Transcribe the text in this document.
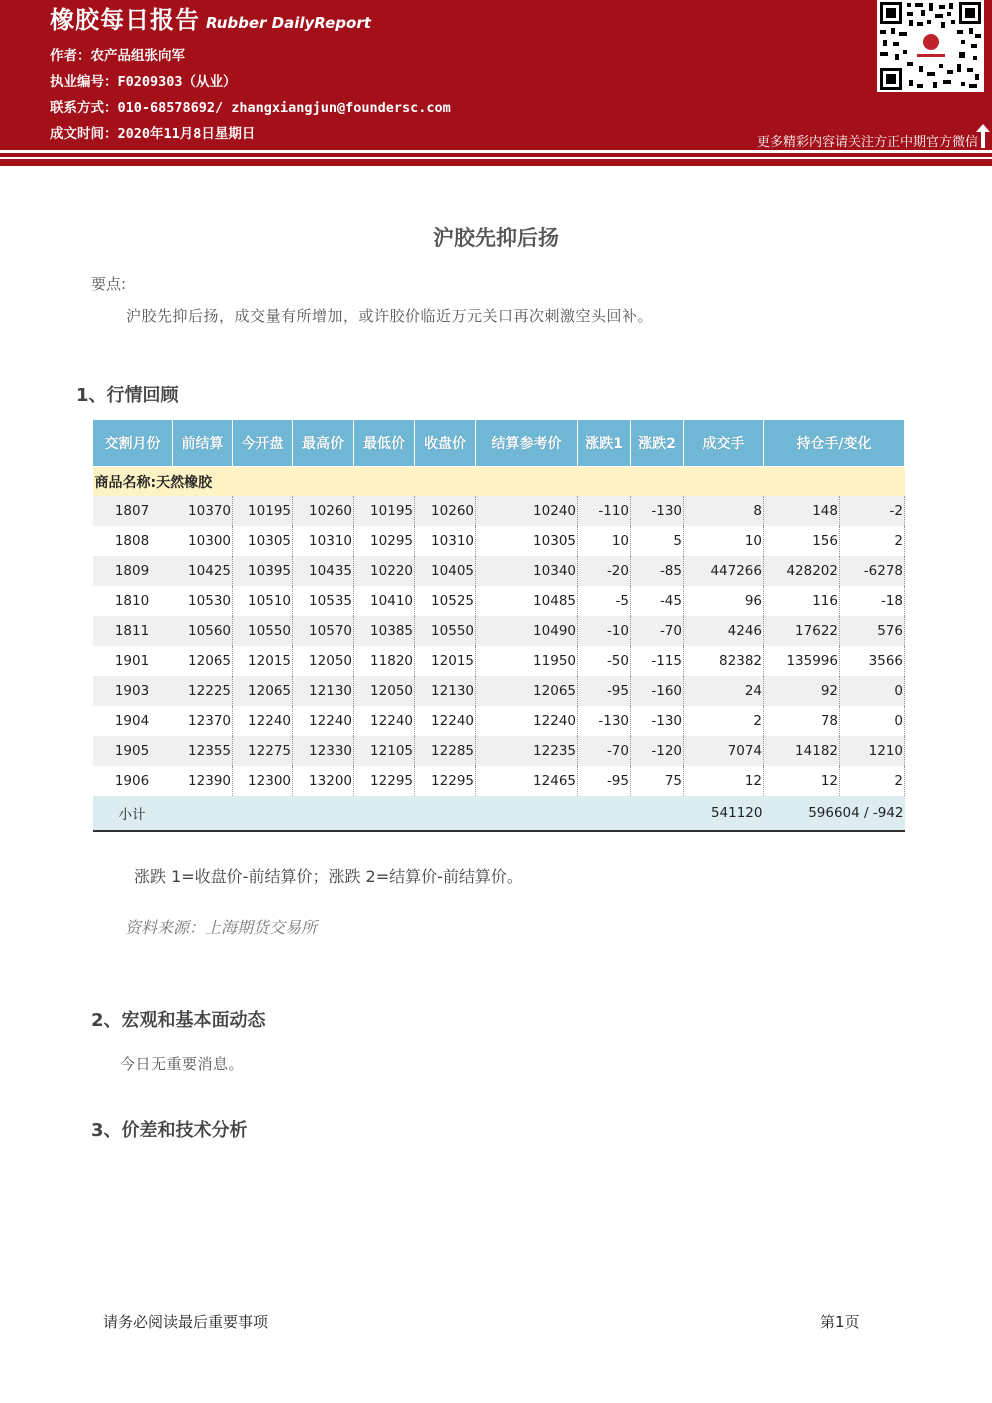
橡胶每日报告 Rubber DailyReport
作者：农产品组张向军
执业编号：F0209303（从业）
联系方式：010-68578692/ zhangxiangjun@foundersc.com
成文时间：2020年11月8日星期日
更多精彩内容请关注方正中期官方微信
沪胶先抑后扬
要点:
沪胶先抑后扬，成交量有所增加，或许胶价临近万元关口再次刺激空头回补。
1、行情回顾
交割月份	前结算	今开盘	最高价	最低价	收盘价	结算参考价	涨跌1	涨跌2	成交手	持仓手/变化	
商品名称:天然橡胶											
1807	10370	10195	10260	10195	10260	10240	-110	-130	8	148	-2
1808	10300	10305	10310	10295	10310	10305	10	5	10	156	2
1809	10425	10395	10435	10220	10405	10340	-20	-85	447266	428202	-6278
1810	10530	10510	10535	10410	10525	10485	-5	-45	96	116	-18
1811	10560	10550	10570	10385	10550	10490	-10	-70	4246	17622	576
1901	12065	12015	12050	11820	12015	11950	-50	-115	82382	135996	3566
1903	12225	12065	12130	12050	12130	12065	-95	-160	24	92	0
1904	12370	12240	12240	12240	12240	12240	-130	-130	2	78	0
1905	12355	12275	12330	12105	12285	12235	-70	-120	7074	14182	1210
1906	12390	12300	13200	12295	12295	12465	-95	75	12	12	2
小计									541120	596604 / -942	
涨跌 1=收盘价-前结算价；涨跌 2=结算价-前结算价。
资料来源：上海期货交易所
2、宏观和基本面动态
今日无重要消息。
3、价差和技术分析
请务必阅读最后重要事项	第1页
